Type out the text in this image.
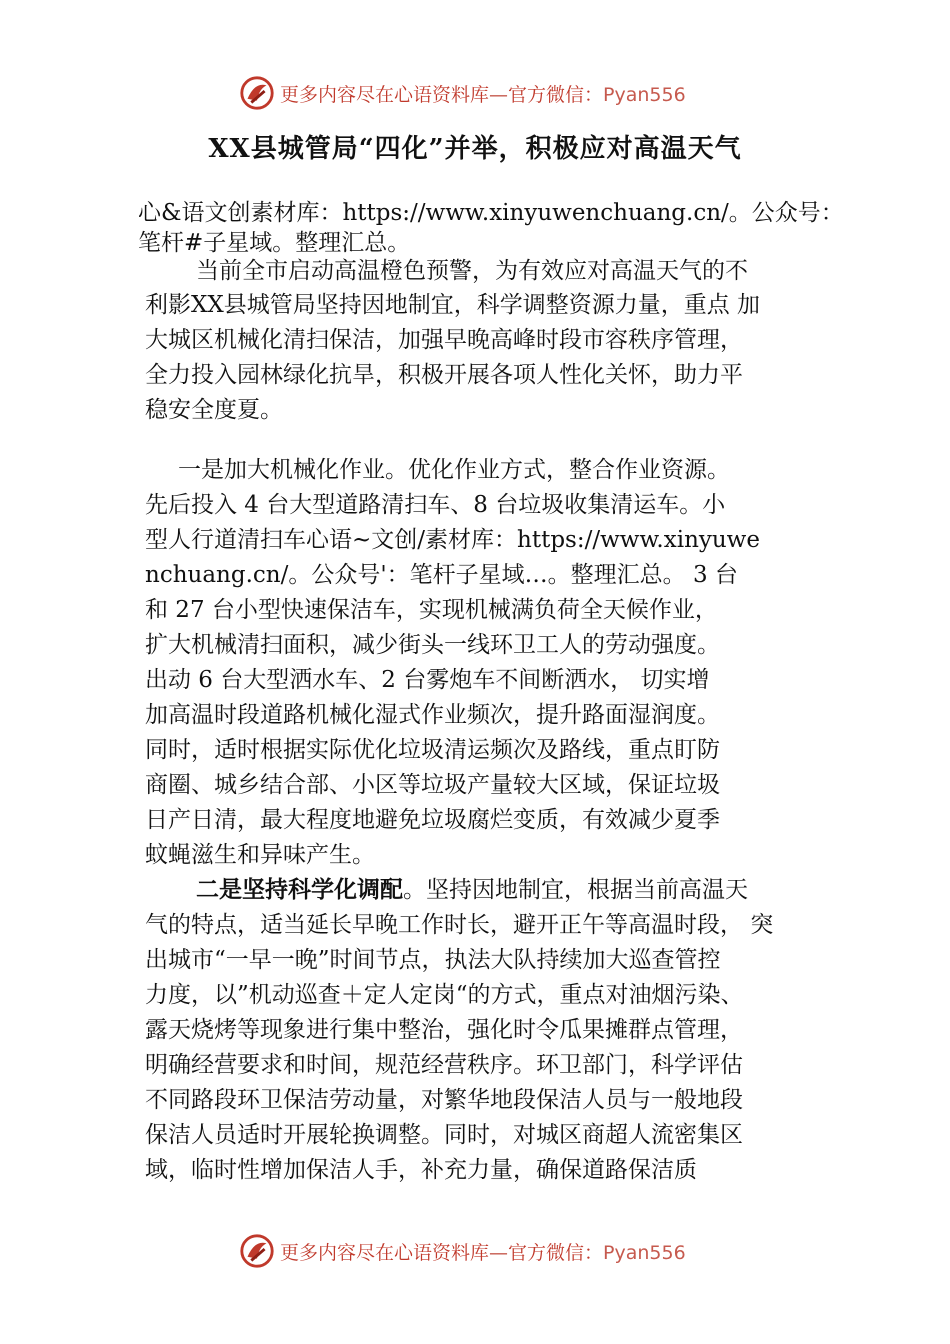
更多内容尽在心语资料库—官方微信：Pyan556
XX县城管局“四化”并举，积极应对高温天气
心&语文创素材库：https://www.xinyuwenchuang.cn/。公众号：
笔杆#子星域。整理汇总。
当前全市启动高温橙色预警，为有效应对高温天气的不
利影XX县城管局坚持因地制宜，科学调整资源力量，重点 加
大城区机械化清扫保洁，加强早晚高峰时段市容秩序管理，
全力投入园林绿化抗旱，积极开展各项人性化关怀，助力平
稳安全度夏。
一是加大机械化作业。优化作业方式，整合作业资源。
先后投入 4 台大型道路清扫车、8 台垃圾收集清运车。小
型人行道清扫车心语~文创/素材库：https://www.xinyuwe
nchuang.cn/。公众号'：笔杆子星域…。整理汇总。 3 台
和 27 台小型快速保洁车，实现机械满负荷全天候作业，
扩大机械清扫面积，减少街头一线环卫工人的劳动强度。
出动 6 台大型洒水车、2 台雾炮车不间断洒水， 切实增
加高温时段道路机械化湿式作业频次，提升路面湿润度。
同时，适时根据实际优化垃圾清运频次及路线，重点盯防
商圈、城乡结合部、小区等垃圾产量较大区域，保证垃圾
日产日清，最大程度地避免垃圾腐烂变质，有效减少夏季
蚊蝇滋生和异味产生。
二是坚持科学化调配。坚持因地制宜，根据当前高温天
气的特点，适当延长早晚工作时长，避开正午等高温时段， 突
出城市“一早一晚”时间节点，执法大队持续加大巡查管控
力度，以”机动巡查＋定人定岗“的方式，重点对油烟污染、
露天烧烤等现象进行集中整治，强化时令瓜果摊群点管理，
明确经营要求和时间，规范经营秩序。环卫部门，科学评估
不同路段环卫保洁劳动量，对繁华地段保洁人员与一般地段
保洁人员适时开展轮换调整。同时，对城区商超人流密集区
域，临时性增加保洁人手，补充力量，确保道路保洁质
更多内容尽在心语资料库—官方微信：Pyan556
